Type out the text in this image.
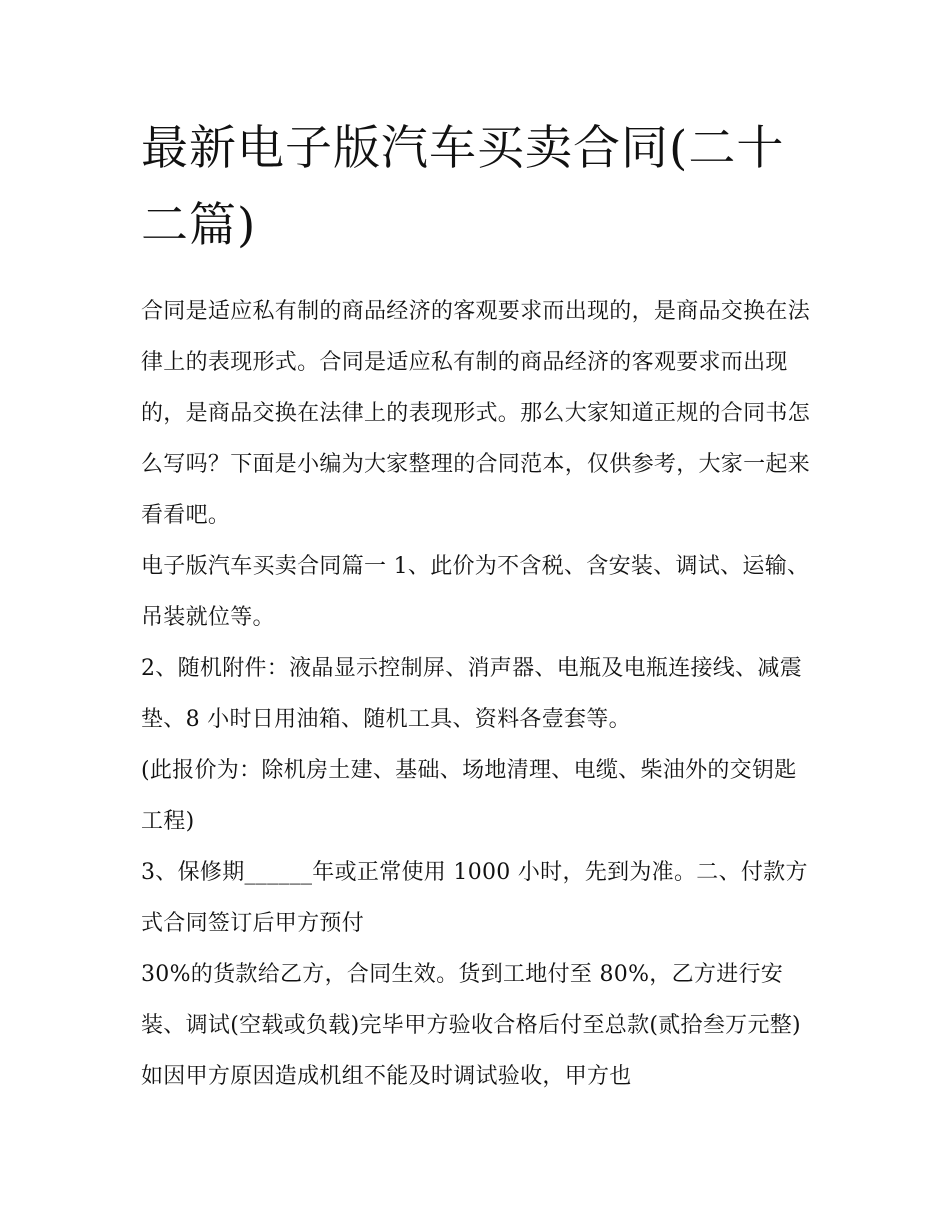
最新电子版汽车买卖合同(二十二篇)

合同是适应私有制的商品经济的客观要求而出现的，是商品交换在法律上的表现形式。合同是适应私有制的商品经济的客观要求而出现的，是商品交换在法律上的表现形式。那么大家知道正规的合同书怎么写吗？下面是小编为大家整理的合同范本，仅供参考，大家一起来看看吧。

电子版汽车买卖合同篇一 1、此价为不含税、含安装、调试、运输、吊装就位等。

2、随机附件：液晶显示控制屏、消声器、电瓶及电瓶连接线、减震垫、8 小时日用油箱、随机工具、资料各壹套等。

(此报价为：除机房土建、基础、场地清理、电缆、柴油外的交钥匙工程)

3、保修期______年或正常使用 1000 小时，先到为准。二、付款方式合同签订后甲方预付

30%的货款给乙方，合同生效。货到工地付至 80%，乙方进行安装、调试(空载或负载)完毕甲方验收合格后付至总款(贰拾叁万元整)如因甲方原因造成机组不能及时调试验收，甲方也
